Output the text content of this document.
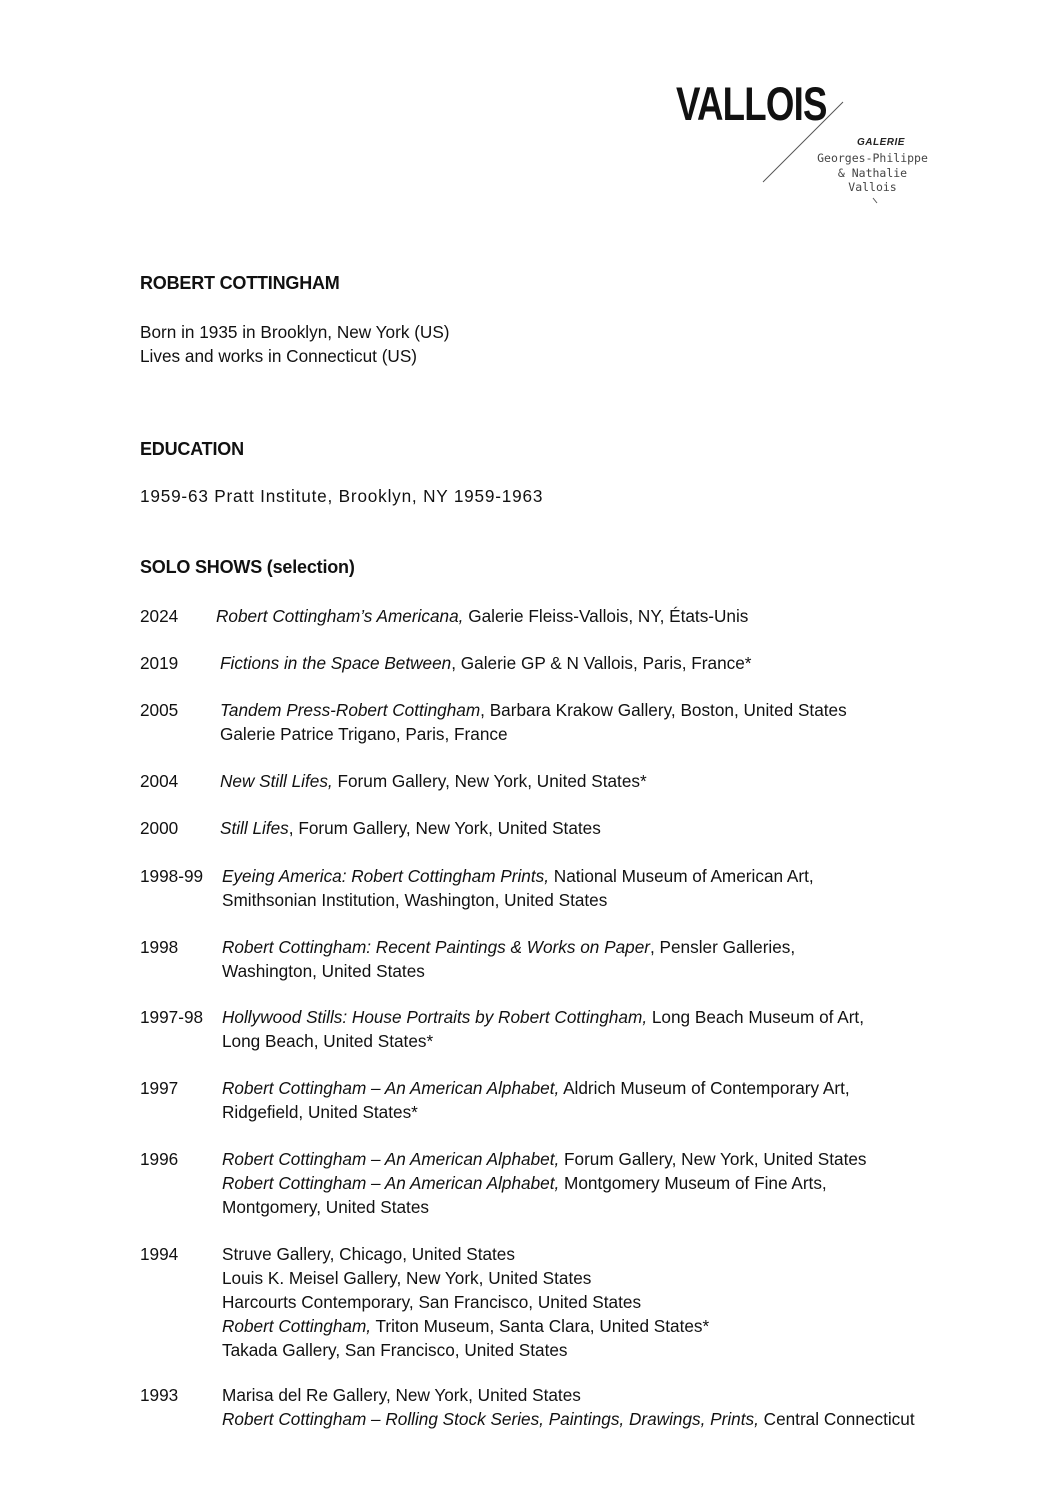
VALLOIS
GALERIE
Georges-Philippe
& Nathalie
Vallois
ROBERT COTTINGHAM
Born in 1935 in Brooklyn, New York (US)
Lives and works in Connecticut (US)
EDUCATION
1959-63 Pratt Institute, Brooklyn, NY 1959-1963
SOLO SHOWS (selection)
2024 Robert Cottingham’s Americana, Galerie Fleiss-Vallois, NY, États-Unis
2019 Fictions in the Space Between, Galerie GP & N Vallois, Paris, France*
2005 Tandem Press-Robert Cottingham, Barbara Krakow Gallery, Boston, United States
Galerie Patrice Trigano, Paris, France
2004 New Still Lifes, Forum Gallery, New York, United States*
2000 Still Lifes, Forum Gallery, New York, United States
1998-99 Eyeing America: Robert Cottingham Prints, National Museum of American Art,
Smithsonian Institution, Washington, United States
1998	Robert Cottingham: Recent Paintings & Works on Paper, Pensler Galleries,
Washington, United States
1997-98 Hollywood Stills: House Portraits by Robert Cottingham, Long Beach Museum of Art,
Long Beach, United States*
1997	Robert Cottingham – An American Alphabet, Aldrich Museum of Contemporary Art,
Ridgefield, United States*
1996	Robert Cottingham – An American Alphabet, Forum Gallery, New York, United States
Robert Cottingham – An American Alphabet, Montgomery Museum of Fine Arts,
Montgomery, United States
1994	Struve Gallery, Chicago, United States
Louis K. Meisel Gallery, New York, United States
Harcourts Contemporary, San Francisco, United States
Robert Cottingham, Triton Museum, Santa Clara, United States*
Takada Gallery, San Francisco, United States
1993	Marisa del Re Gallery, New York, United States
Robert Cottingham – Rolling Stock Series, Paintings, Drawings, Prints, Central Connecticut
